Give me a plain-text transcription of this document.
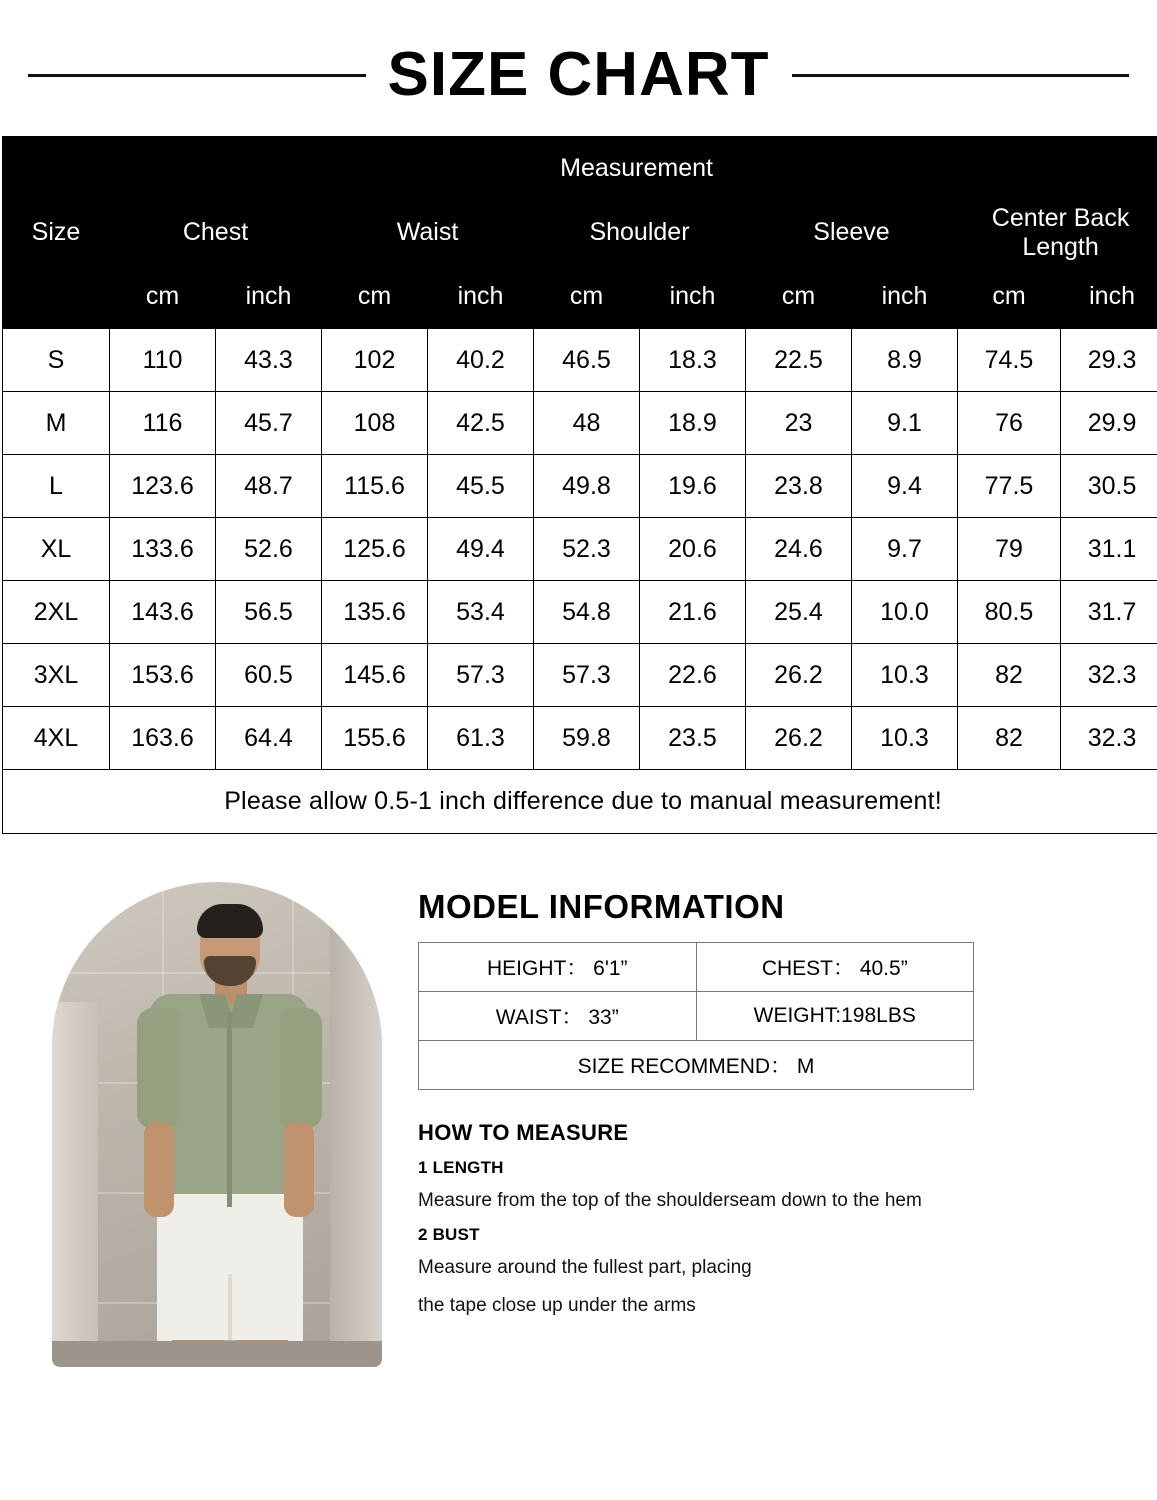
SIZE CHART
Size	Measurement									
	Chest		Waist		Shoulder		Sleeve		Center Back Length	
	cm	inch	cm	inch	cm	inch	cm	inch	cm	inch
S	110	43.3	102	40.2	46.5	18.3	22.5	8.9	74.5	29.3
M	116	45.7	108	42.5	48	18.9	23	9.1	76	29.9
L	123.6	48.7	115.6	45.5	49.8	19.6	23.8	9.4	77.5	30.5
XL	133.6	52.6	125.6	49.4	52.3	20.6	24.6	9.7	79	31.1
2XL	143.6	56.5	135.6	53.4	54.8	21.6	25.4	10.0	80.5	31.7
3XL	153.6	60.5	145.6	57.3	57.3	22.6	26.2	10.3	82	32.3
4XL	163.6	64.4	155.6	61.3	59.8	23.5	26.2	10.3	82	32.3
Please allow 0.5-1 inch difference due to manual measurement!										
MODEL INFORMATION
HEIGHT： 6'1”	CHEST： 40.5”
WAIST： 33”	WEIGHT:198LBS
SIZE RECOMMEND： M	
HOW TO MEASURE
1 LENGTH
Measure from the top of the shoulderseam down to the hem
2 BUST
Measure around the fullest part, placing
the tape close up under the arms
